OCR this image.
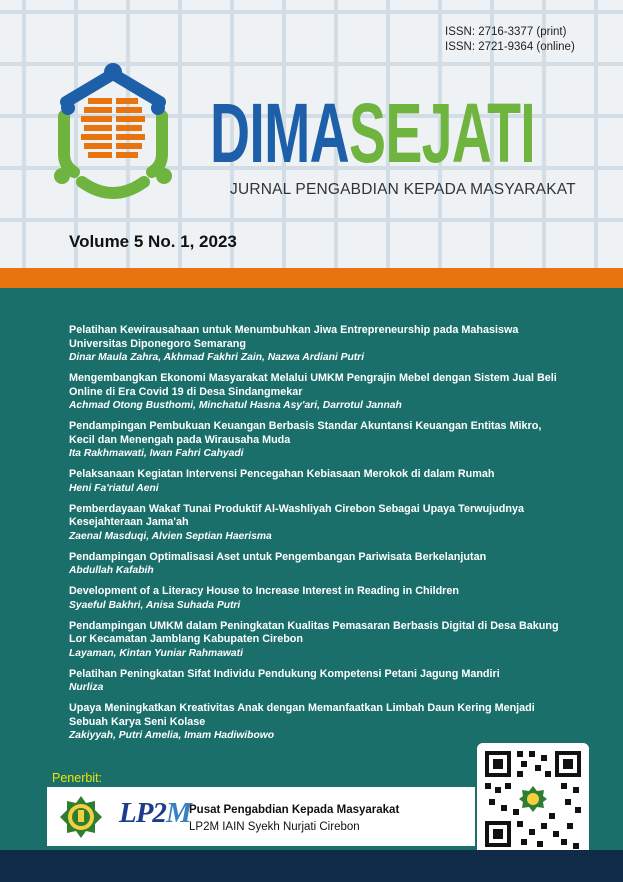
ISSN: 2716-3377 (print)
ISSN: 2721-9364 (online)
DIMASEJATI
JURNAL PENGABDIAN KEPADA MASYARAKAT
Volume 5 No. 1, 2023
Pelatihan Kewirausahaan untuk Menumbuhkan Jiwa Entrepreneurship pada Mahasiswa Universitas Diponegoro Semarang
Dinar Maula Zahra, Akhmad Fakhri Zain, Nazwa Ardiani Putri
Mengembangkan Ekonomi Masyarakat Melalui UMKM Pengrajin Mebel dengan Sistem Jual Beli Online di Era Covid 19 di Desa Sindangmekar
Achmad Otong Busthomi, Minchatul Hasna Asy'ari, Darrotul Jannah
Pendampingan Pembukuan Keuangan Berbasis Standar Akuntansi Keuangan Entitas Mikro, Kecil dan Menengah pada Wirausaha Muda
Ita Rakhmawati, Iwan Fahri Cahyadi
Pelaksanaan Kegiatan Intervensi Pencegahan Kebiasaan Merokok di dalam Rumah
Heni Fa'riatul Aeni
Pemberdayaan Wakaf Tunai Produktif Al-Washliyah Cirebon Sebagai Upaya Terwujudnya Kesejahteraan Jama'ah
Zaenal Masduqi, Alvien Septian Haerisma
Pendampingan Optimalisasi Aset untuk Pengembangan Pariwisata Berkelanjutan
Abdullah Kafabih
Development of a Literacy House to Increase Interest in Reading in Children
Syaeful Bakhri, Anisa Suhada Putri
Pendampingan UMKM dalam Peningkatan Kualitas Pemasaran Berbasis Digital di Desa Bakung Lor Kecamatan Jamblang Kabupaten Cirebon
Layaman, Kintan Yuniar Rahmawati
Pelatihan Peningkatan Sifat Individu Pendukung Kompetensi Petani Jagung Mandiri
Nurliza
Upaya Meningkatkan Kreativitas Anak dengan Memanfaatkan Limbah Daun Kering Menjadi Sebuah Karya Seni Kolase
Zakiyyah, Putri Amelia, Imam Hadiwibowo
Penerbit:
LP2M
Pusat Pengabdian Kepada Masyarakat
LP2M IAIN Syekh Nurjati Cirebon
